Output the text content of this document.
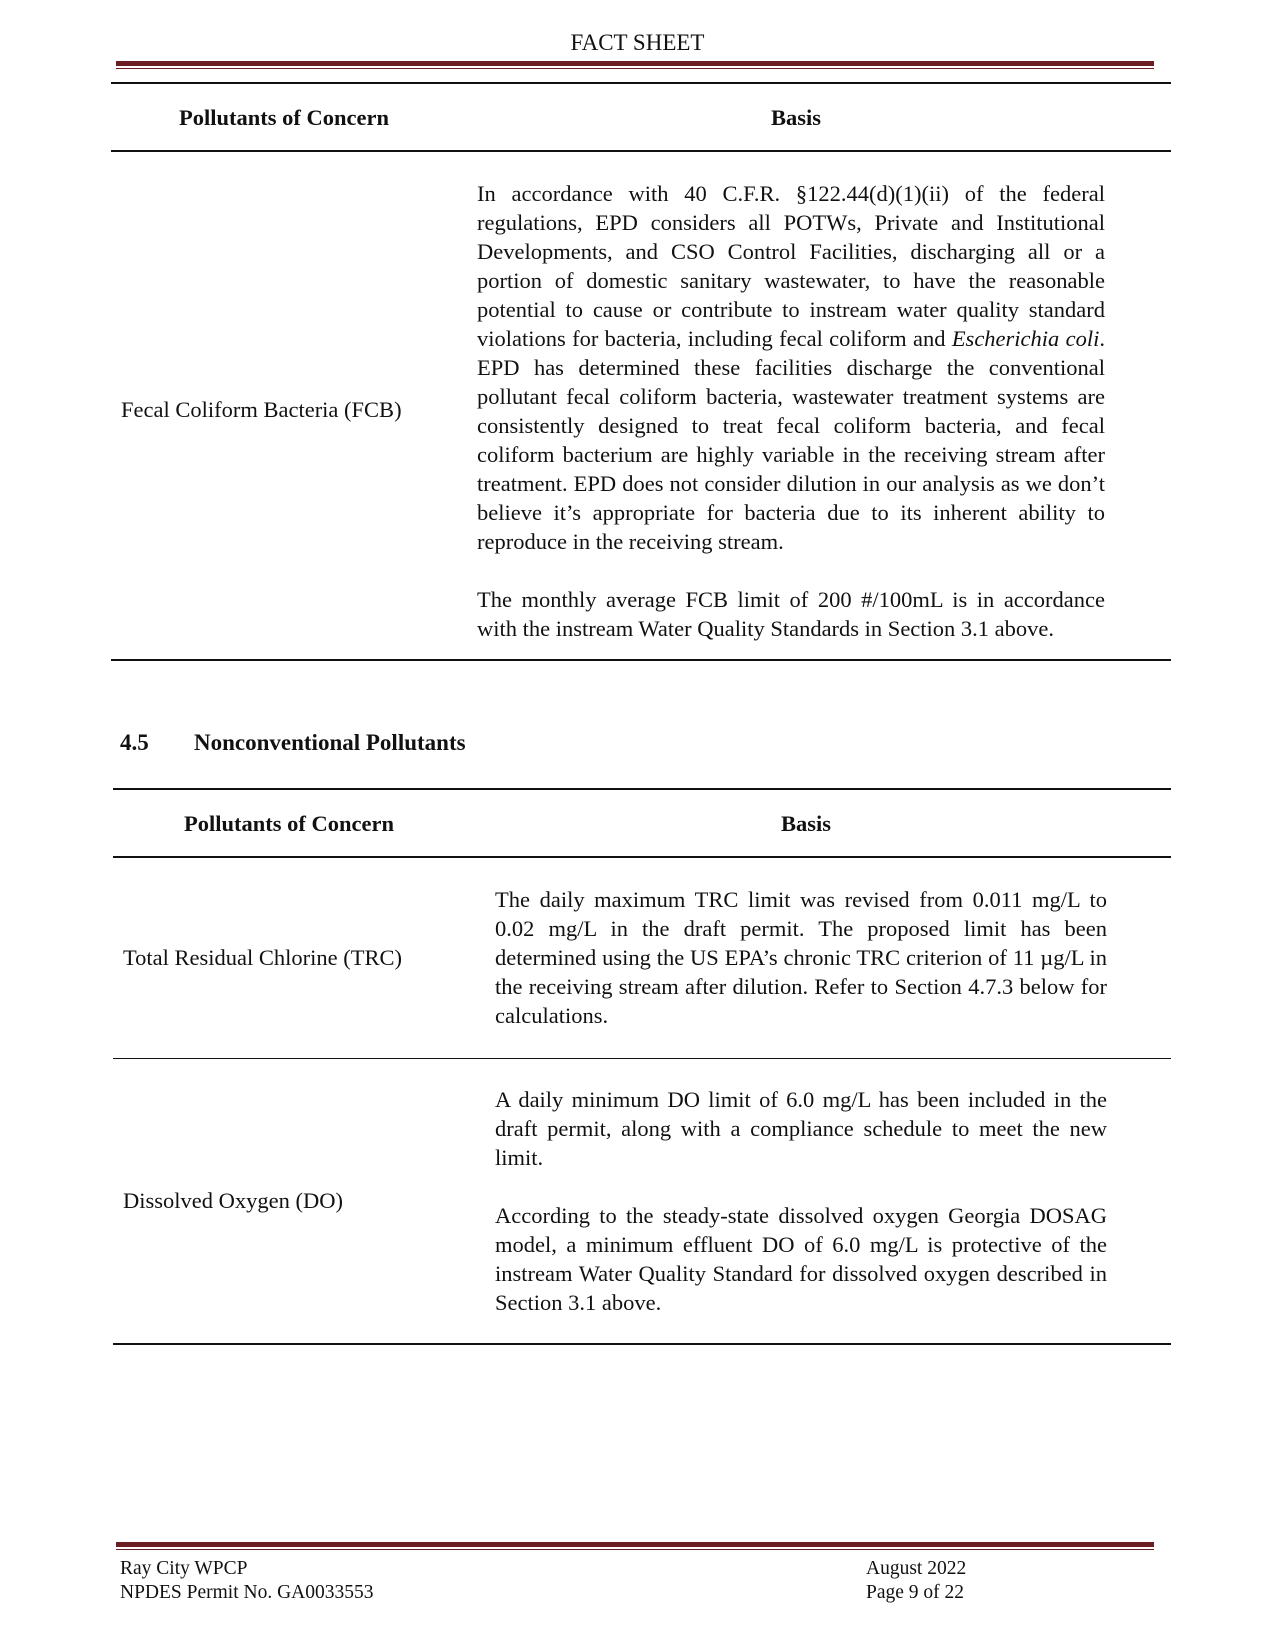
FACT SHEET
Pollutants of Concern	Basis	
Fecal Coliform Bacteria (FCB)	In accordance with 40 C.F.R. §122.44(d)(1)(ii) of the federal regulations, EPD considers all POTWs, Private and Institutional Developments, and CSO Control Facilities, discharging all or a portion of domestic sanitary wastewater, to have the reasonable potential to cause or contribute to instream water quality standard violations for bacteria, including fecal coliform and Escherichia coli. EPD has determined these facilities discharge the conventional pollutant fecal coliform bacteria, wastewater treatment systems are consistently designed to treat fecal coliform bacteria, and fecal coliform bacterium are highly variable in the receiving stream after treatment. EPD does not consider dilution in our analysis as we don’t believe it’s appropriate for bacteria due to its inherent ability to reproduce in the receiving stream.

The monthly average FCB limit of 200 #/100mL is in accordance with the instream Water Quality Standards in Section 3.1 above.	

4.5 Nonconventional Pollutants
Pollutants of Concern	Basis	
Total Residual Chlorine (TRC)	The daily maximum TRC limit was revised from 0.011 mg/L to 0.02 mg/L in the draft permit. The proposed limit has been determined using the US EPA’s chronic TRC criterion of 11 µg/L in the receiving stream after dilution. Refer to Section 4.7.3 below for calculations.	

Dissolved Oxygen (DO)	A daily minimum DO limit of 6.0 mg/L has been included in the draft permit, along with a compliance schedule to meet the new limit.

According to the steady-state dissolved oxygen Georgia DOSAG model, a minimum effluent DO of 6.0 mg/L is protective of the instream Water Quality Standard for dissolved oxygen described in Section 3.1 above.	

Ray City WPCP
NPDES Permit No. GA0033553
August 2022
Page 9 of 22
